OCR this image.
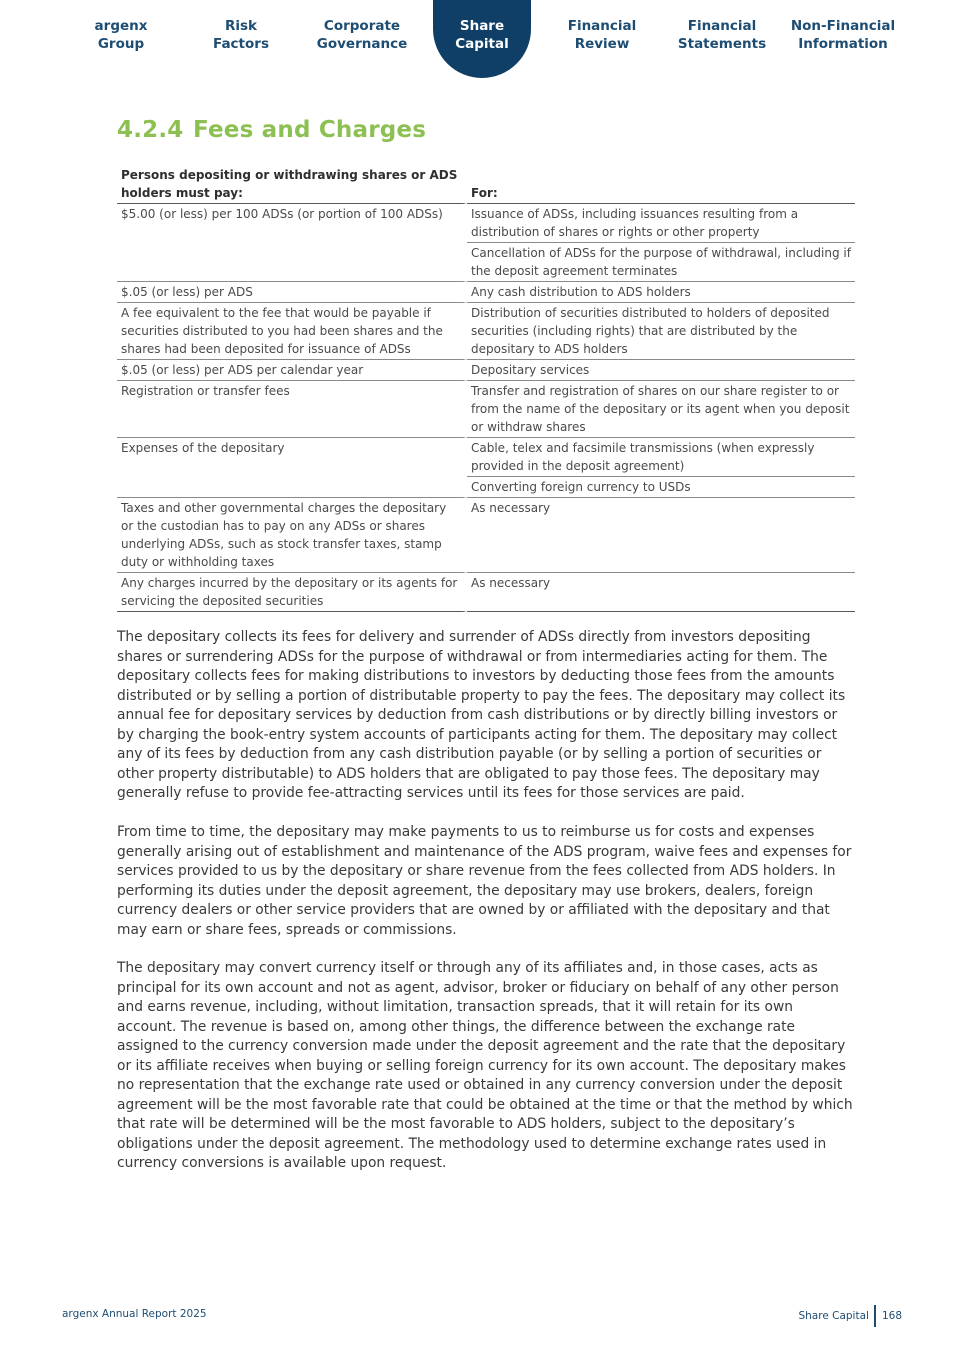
argenx
Group
Risk
Factors
Corporate
Governance
Share
Capital
Financial
Review
Financial
Statements
Non-Financial
Information
4.2.4 Fees and Charges
Persons depositing or withdrawing shares or ADS holders must pay:	For:
$5.00 (or less) per 100 ADSs (or portion of 100 ADSs)	Issuance of ADSs, including issuances resulting from a distribution of shares or rights or other property
	Cancellation of ADSs for the purpose of withdrawal, including if the deposit agreement terminates
$.05 (or less) per ADS	Any cash distribution to ADS holders
A fee equivalent to the fee that would be payable if securities distributed to you had been shares and the shares had been deposited for issuance of ADSs	Distribution of securities distributed to holders of deposited securities (including rights) that are distributed by the depositary to ADS holders
$.05 (or less) per ADS per calendar year	Depositary services
Registration or transfer fees	Transfer and registration of shares on our share register to or from the name of the depositary or its agent when you deposit or withdraw shares
Expenses of the depositary	Cable, telex and facsimile transmissions (when expressly provided in the deposit agreement)
	Converting foreign currency to USDs
Taxes and other governmental charges the depositary or the custodian has to pay on any ADSs or shares underlying ADSs, such as stock transfer taxes, stamp duty or withholding taxes	As necessary
Any charges incurred by the depositary or its agents for servicing the deposited securities	As necessary

The depositary collects its fees for delivery and surrender of ADSs directly from investors depositing shares or surrendering ADSs for the purpose of withdrawal or from intermediaries acting for them. The depositary collects fees for making distributions to investors by deducting those fees from the amounts distributed or by selling a portion of distributable property to pay the fees. The depositary may collect its annual fee for depositary services by deduction from cash distributions or by directly billing investors or by charging the book-entry system accounts of participants acting for them. The depositary may collect any of its fees by deduction from any cash distribution payable (or by selling a portion of securities or other property distributable) to ADS holders that are obligated to pay those fees. The depositary may generally refuse to provide fee-attracting services until its fees for those services are paid.

From time to time, the depositary may make payments to us to reimburse us for costs and expenses generally arising out of establishment and maintenance of the ADS program, waive fees and expenses for services provided to us by the depositary or share revenue from the fees collected from ADS holders. In performing its duties under the deposit agreement, the depositary may use brokers, dealers, foreign currency dealers or other service providers that are owned by or affiliated with the depositary and that may earn or share fees, spreads or commissions.

The depositary may convert currency itself or through any of its affiliates and, in those cases, acts as principal for its own account and not as agent, advisor, broker or fiduciary on behalf of any other person and earns revenue, including, without limitation, transaction spreads, that it will retain for its own account. The revenue is based on, among other things, the difference between the exchange rate assigned to the currency conversion made under the deposit agreement and the rate that the depositary or its affiliate receives when buying or selling foreign currency for its own account. The depositary makes no representation that the exchange rate used or obtained in any currency conversion under the deposit agreement will be the most favorable rate that could be obtained at the time or that the method by which that rate will be determined will be the most favorable to ADS holders, subject to the depositary’s obligations under the deposit agreement. The methodology used to determine exchange rates used in currency conversions is available upon request.

argenx Annual Report 2025	Share Capital 168
